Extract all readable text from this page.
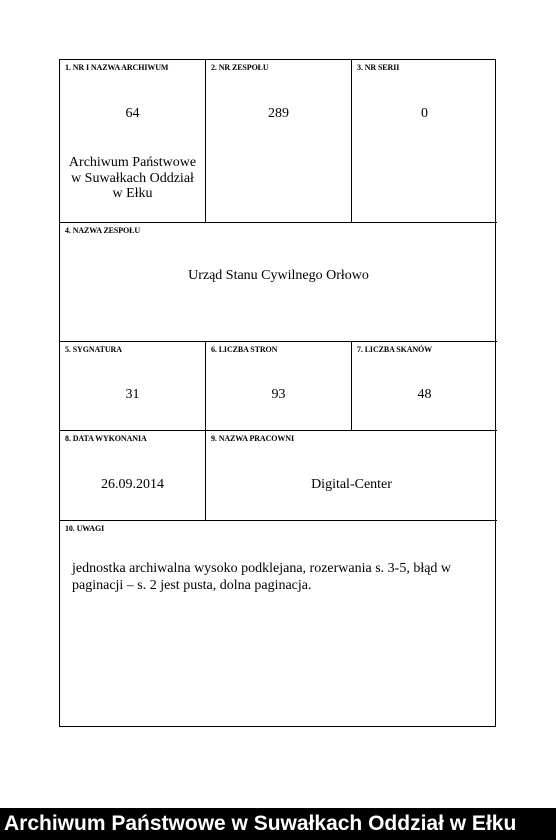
1. NR I NAZWA ARCHIWUM
64
Archiwum Państwowe w Suwałkach Oddział w Ełku
2. NR ZESPOŁU
289
3. NR SERII
0
4. NAZWA ZESPOŁU
Urząd Stanu Cywilnego Orłowo
5. SYGNATURA
31
6. LICZBA STRON
93
7. LICZBA SKANÓW
48
8. DATA WYKONANIA
26.09.2014
9. NAZWA PRACOWNI
Digital-Center
10. UWAGI
jednostka archiwalna wysoko podklejana, rozerwania s. 3-5, błąd w paginacji – s. 2 jest pusta, dolna paginacja.
Archiwum Państwowe w Suwałkach Oddział w Ełku
